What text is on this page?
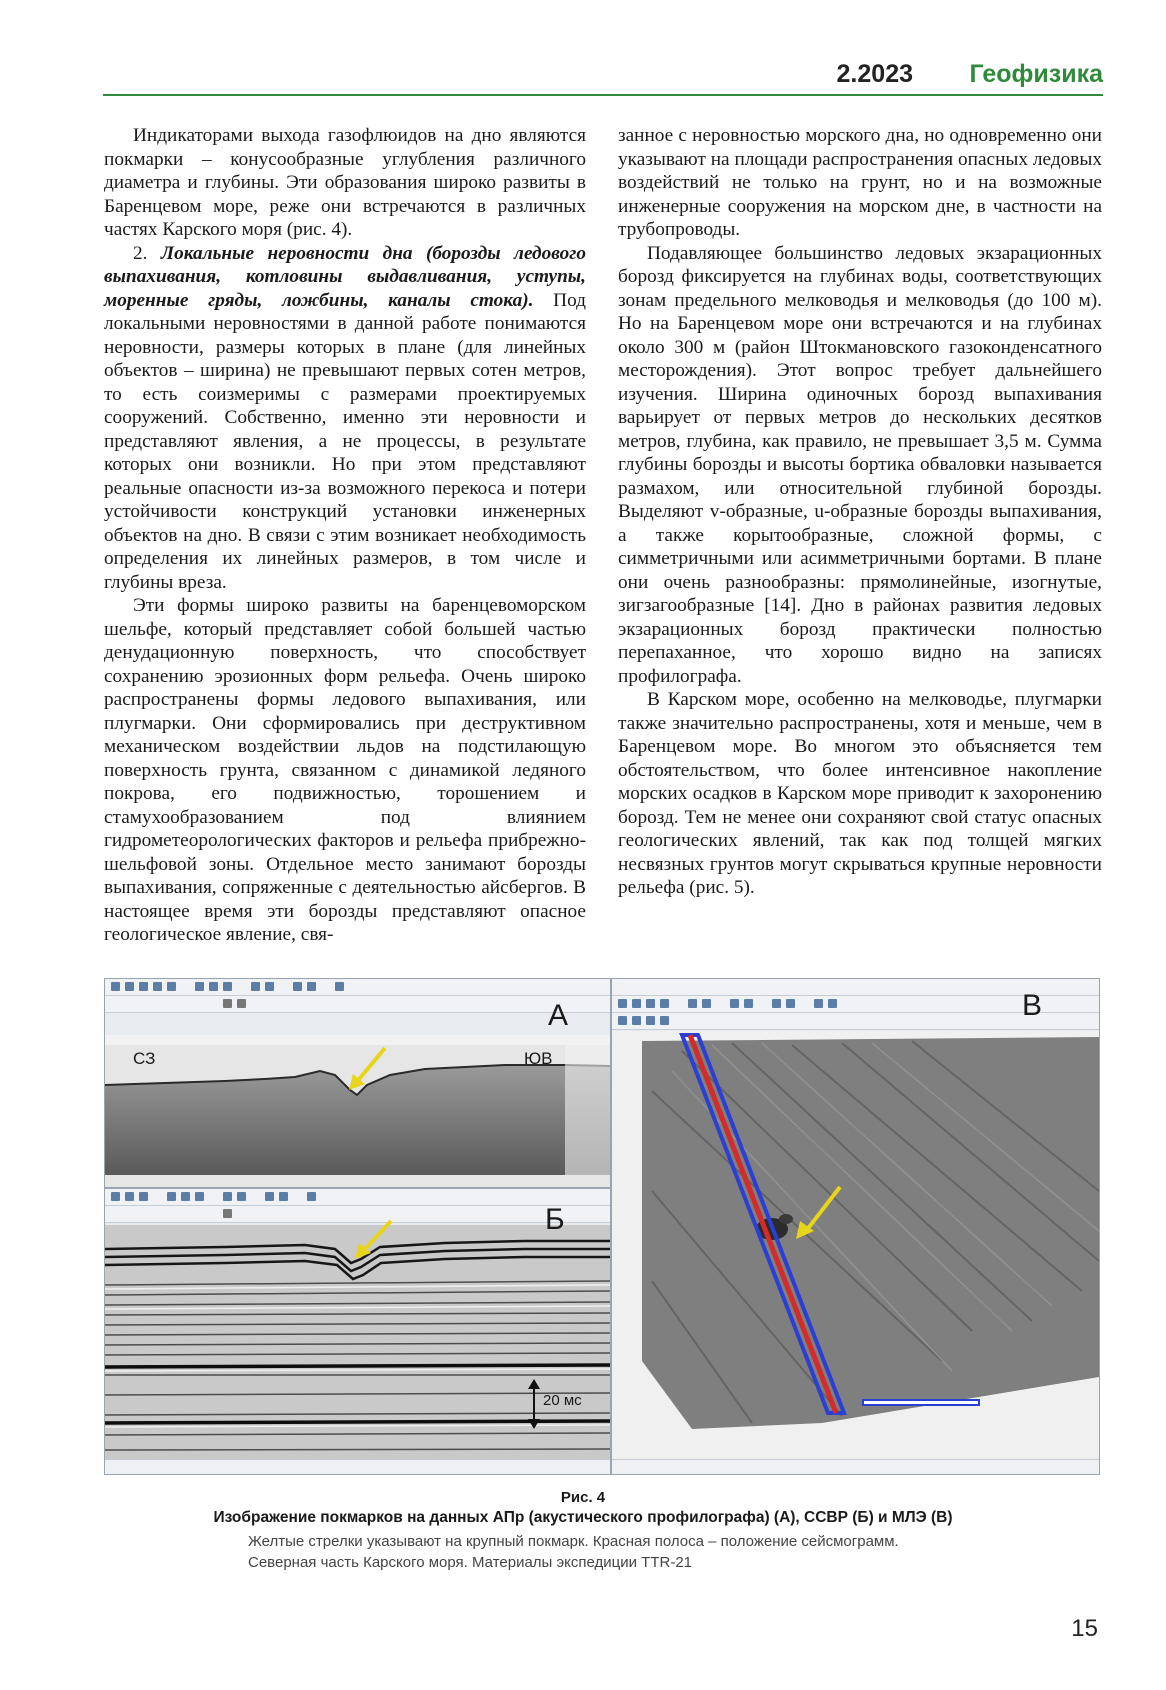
2.2023 Геофизика

Индикаторами выхода газофлюидов на дно являются покмарки – конусообразные углубления различного диаметра и глубины. Эти образования широко развиты в Баренцевом море, реже они встречаются в различных частях Карского моря (рис. 4).

2. Локальные неровности дна (борозды ледового выпахивания, котловины выдавливания, уступы, моренные гряды, ложбины, каналы стока). Под локальными неровностями в данной работе понимаются неровности, размеры которых в плане (для линейных объектов – ширина) не превышают первых сотен метров, то есть соизмеримы с размерами проектируемых сооружений. Собственно, именно эти неровности и представляют явления, а не процессы, в результате которых они возникли. Но при этом представляют реальные опасности из-за возможного перекоса и потери устойчивости конструкций установки инженерных объектов на дно. В связи с этим возникает необходимость определения их линейных размеров, в том числе и глубины вреза.

Эти формы широко развиты на баренцевоморском шельфе, который представляет собой большей частью денудационную поверхность, что способствует сохранению эрозионных форм рельефа. Очень широко распространены формы ледового выпахивания, или плугмарки. Они сформировались при деструктивном механическом воздействии льдов на подстилающую поверхность грунта, связанном с динамикой ледяного покрова, его подвижностью, торошением и стамухообразованием под влиянием гидрометеорологических факторов и рельефа прибрежно-шельфовой зоны. Отдельное место занимают борозды выпахивания, сопряженные с деятельностью айсбергов. В настоящее время эти борозды представляют опасное геологическое явление, свя-

занное с неровностью морского дна, но одновременно они указывают на площади распространения опасных ледовых воздействий не только на грунт, но и на возможные инженерные сооружения на морском дне, в частности на трубопроводы.

Подавляющее большинство ледовых экзарационных борозд фиксируется на глубинах воды, соответствующих зонам предельного мелководья и мелководья (до 100 м). Но на Баренцевом море они встречаются и на глубинах около 300 м (район Штокмановского газоконденсатного месторождения). Этот вопрос требует дальнейшего изучения. Ширина одиночных борозд выпахивания варьирует от первых метров до нескольких десятков метров, глубина, как правило, не превышает 3,5 м. Сумма глубины борозды и высоты бортика обваловки называется размахом, или относительной глубиной борозды. Выделяют v-образные, u-образные борозды выпахивания, а также корытообразные, сложной формы, с симметричными или асимметричными бортами. В плане они очень разнообразны: прямолинейные, изогнутые, зигзагообразные [14]. Дно в районах развития ледовых экзарационных борозд практически полностью перепаханное, что хорошо видно на записях профилографа.

В Карском море, особенно на мелководье, плугмарки также значительно распространены, хотя и меньше, чем в Баренцевом море. Во многом это объясняется тем обстоятельством, что более интенсивное накопление морских осадков в Карском море приводит к захоронению борозд. Тем не менее они сохраняют свой статус опасных геологических явлений, так как под толщей мягких несвязных грунтов могут скрываться крупные неровности рельефа (рис. 5).

А
СЗ	ЮВ
Б
20 мс
В
Рис. 4
Изображение покмарков на данных АПр (акустического профилографа) (А), ССВР (Б) и МЛЭ (В)
Желтые стрелки указывают на крупный покмарк. Красная полоса – положение сейсмограмм.
Северная часть Карского моря. Материалы экспедиции TTR-21
15
